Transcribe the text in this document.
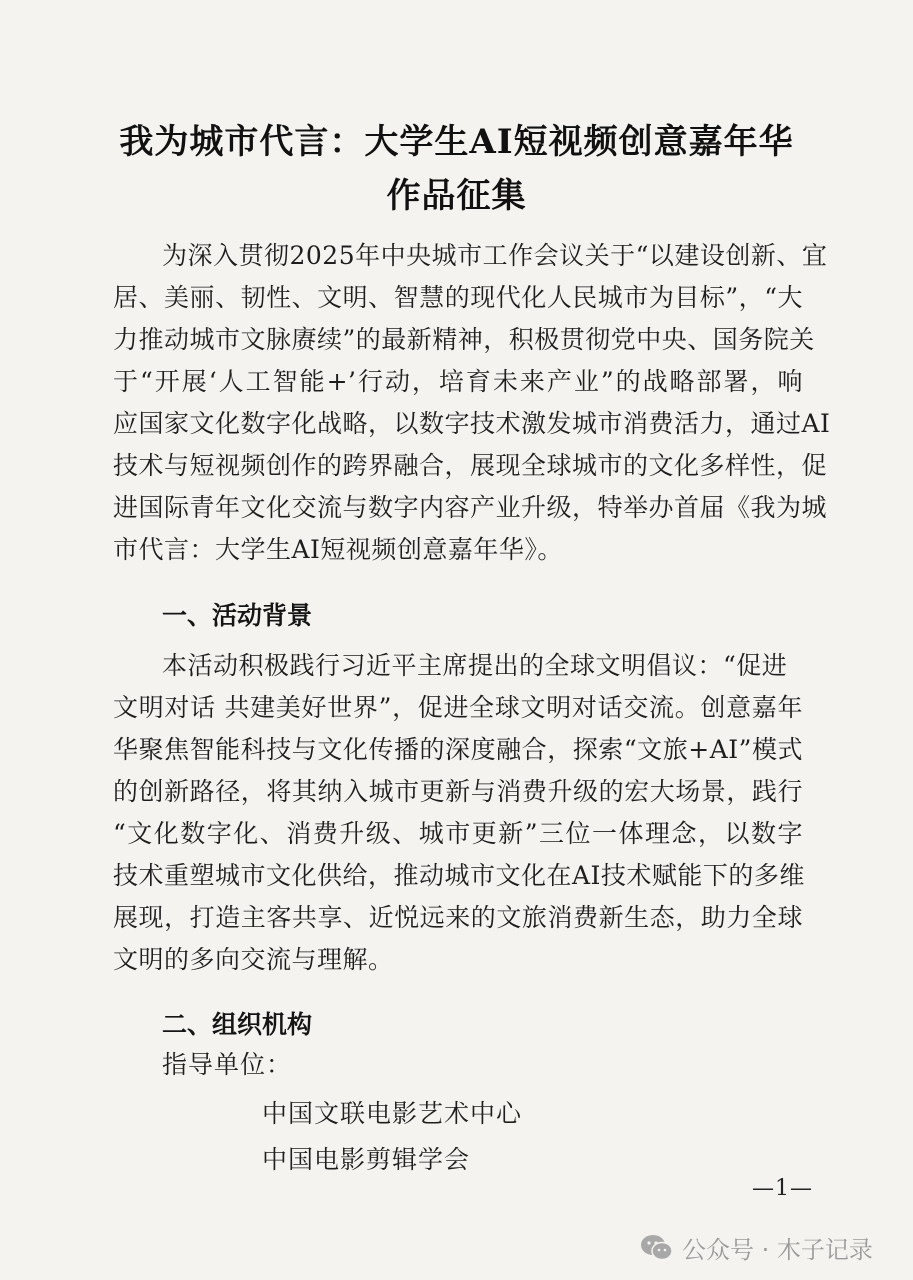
我为城市代言：大学生AI短视频创意嘉年华
作品征集
为深入贯彻2025年中央城市工作会议关于“以建设创新、宜
居、美丽、韧性、文明、智慧的现代化人民城市为目标”，“大
力推动城市文脉赓续”的最新精神，积极贯彻党中央、国务院关
于“开展‘人工智能+’行动，培育未来产业”的战略部署，响
应国家文化数字化战略，以数字技术激发城市消费活力，通过AI
技术与短视频创作的跨界融合，展现全球城市的文化多样性，促
进国际青年文化交流与数字内容产业升级，特举办首届《我为城
市代言：大学生AI短视频创意嘉年华》。
一、活动背景
本活动积极践行习近平主席提出的全球文明倡议：“促进
文明对话 共建美好世界”，促进全球文明对话交流。创意嘉年
华聚焦智能科技与文化传播的深度融合，探索“文旅+AI”模式
的创新路径，将其纳入城市更新与消费升级的宏大场景，践行
“文化数字化、消费升级、城市更新”三位一体理念，以数字
技术重塑城市文化供给，推动城市文化在AI技术赋能下的多维
展现，打造主客共享、近悦远来的文旅消费新生态，助力全球
文明的多向交流与理解。
二、组织机构
指导单位：
中国文联电影艺术中心
中国电影剪辑学会
—1—
公众号 · 木子记录
